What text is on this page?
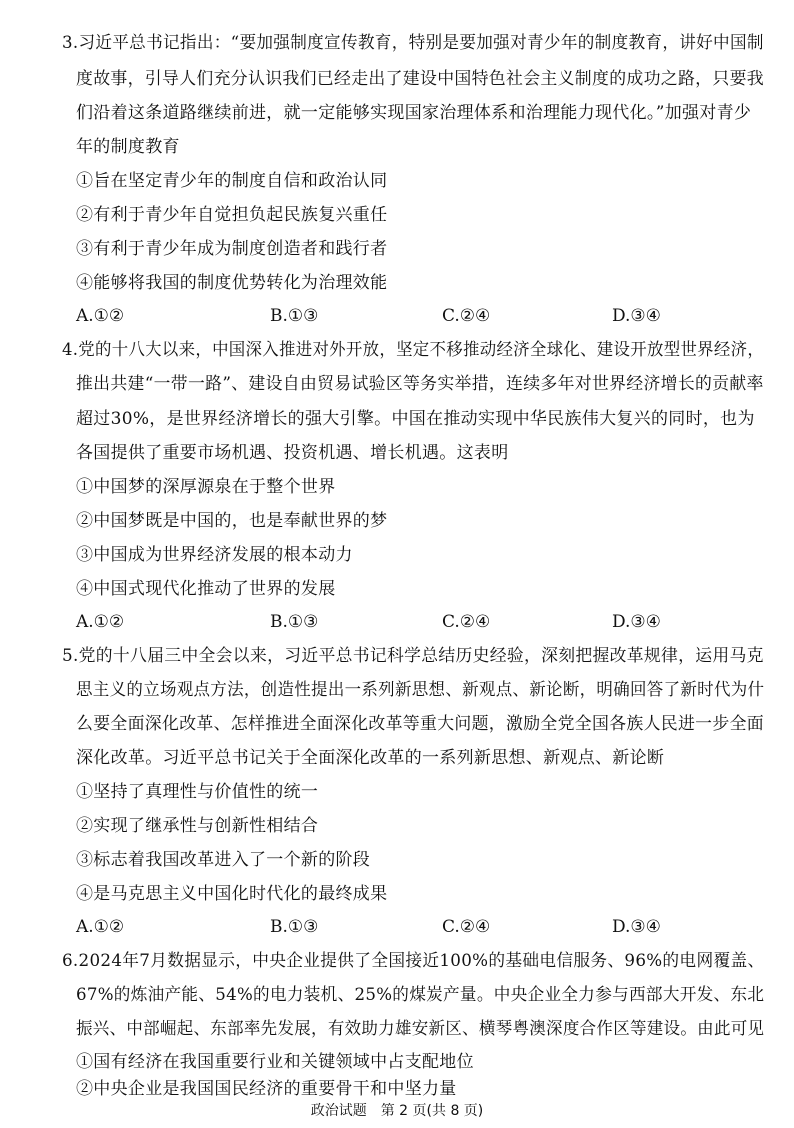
3.习近平总书记指出：“要加强制度宣传教育，特别是要加强对青少年的制度教育，讲好中国制
度故事，引导人们充分认识我们已经走出了建设中国特色社会主义制度的成功之路，只要我
们沿着这条道路继续前进，就一定能够实现国家治理体系和治理能力现代化。”加强对青少
年的制度教育
①旨在坚定青少年的制度自信和政治认同
②有利于青少年自觉担负起民族复兴重任
③有利于青少年成为制度创造者和践行者
④能够将我国的制度优势转化为治理效能
A.①②	B.①③	C.②④	D.③④
4.党的十八大以来，中国深入推进对外开放，坚定不移推动经济全球化、建设开放型世界经济，
推出共建“一带一路”、建设自由贸易试验区等务实举措，连续多年对世界经济增长的贡献率
超过30%，是世界经济增长的强大引擎。中国在推动实现中华民族伟大复兴的同时，也为
各国提供了重要市场机遇、投资机遇、增长机遇。这表明
①中国梦的深厚源泉在于整个世界
②中国梦既是中国的，也是奉献世界的梦
③中国成为世界经济发展的根本动力
④中国式现代化推动了世界的发展
A.①②	B.①③	C.②④	D.③④
5.党的十八届三中全会以来，习近平总书记科学总结历史经验，深刻把握改革规律，运用马克
思主义的立场观点方法，创造性提出一系列新思想、新观点、新论断，明确回答了新时代为什
么要全面深化改革、怎样推进全面深化改革等重大问题，激励全党全国各族人民进一步全面
深化改革。习近平总书记关于全面深化改革的一系列新思想、新观点、新论断
①坚持了真理性与价值性的统一
②实现了继承性与创新性相结合
③标志着我国改革进入了一个新的阶段
④是马克思主义中国化时代化的最终成果
A.①②	B.①③	C.②④	D.③④
6.2024年7月数据显示，中央企业提供了全国接近100%的基础电信服务、96%的电网覆盖、
67%的炼油产能、54%的电力装机、25%的煤炭产量。中央企业全力参与西部大开发、东北
振兴、中部崛起、东部率先发展，有效助力雄安新区、横琴粤澳深度合作区等建设。由此可见
①国有经济在我国重要行业和关键领域中占支配地位
②中央企业是我国国民经济的重要骨干和中坚力量
政治试题　第 2 页(共 8 页)
